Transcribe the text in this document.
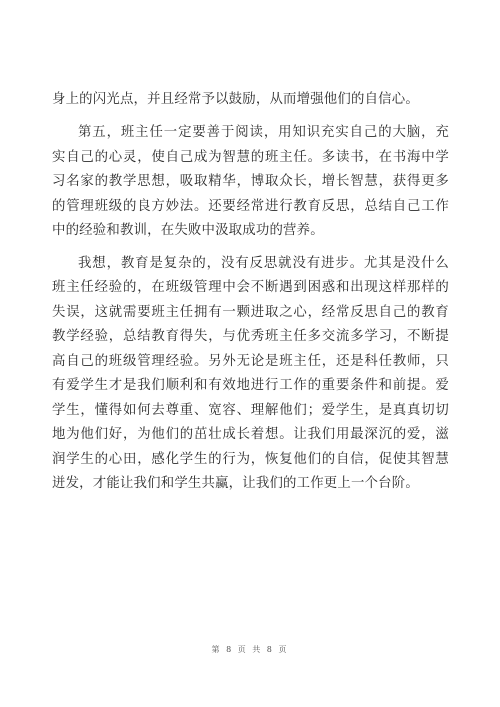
身上的闪光点，并且经常予以鼓励，从而增强他们的自信心。
第五，班主任一定要善于阅读，用知识充实自己的大脑，充
实自己的心灵，使自己成为智慧的班主任。多读书，在书海中学
习名家的教学思想，吸取精华，博取众长，增长智慧，获得更多
的管理班级的良方妙法。还要经常进行教育反思，总结自己工作
中的经验和教训，在失败中汲取成功的营养。
我想，教育是复杂的，没有反思就没有进步。尤其是没什么
班主任经验的，在班级管理中会不断遇到困惑和出现这样那样的
失误，这就需要班主任拥有一颗进取之心，经常反思自己的教育
教学经验，总结教育得失，与优秀班主任多交流多学习，不断提
高自己的班级管理经验。另外无论是班主任，还是科任教师，只
有爱学生才是我们顺利和有效地进行工作的重要条件和前提。爱
学生，懂得如何去尊重、宽容、理解他们；爱学生，是真真切切
地为他们好，为他们的茁壮成长着想。让我们用最深沉的爱，滋
润学生的心田，感化学生的行为，恢复他们的自信，促使其智慧
迸发，才能让我们和学生共赢，让我们的工作更上一个台阶。
第 8 页 共 8 页
